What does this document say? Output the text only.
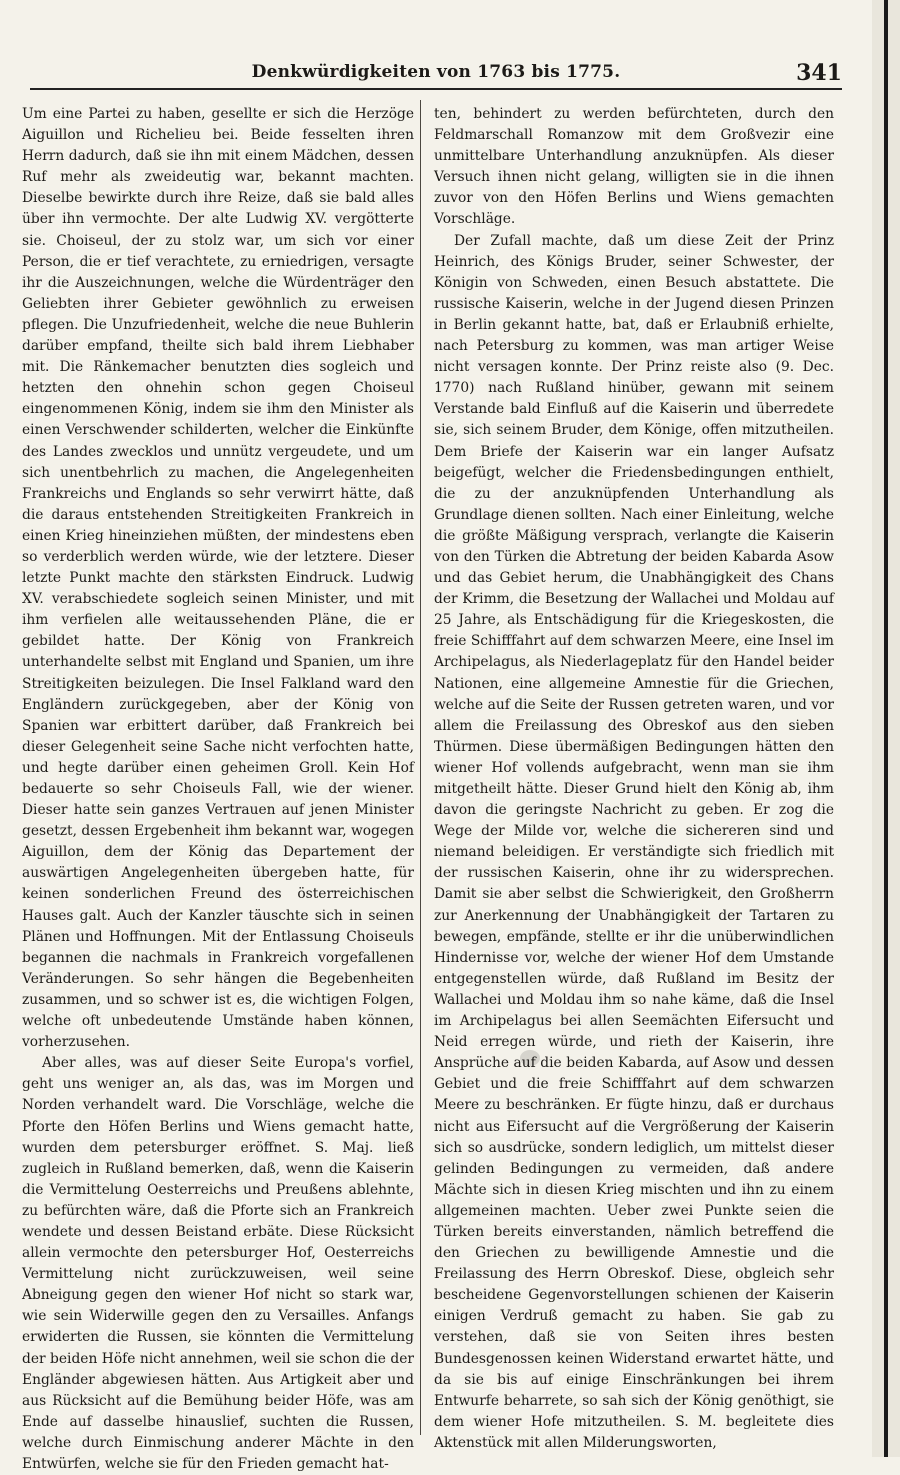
Denkwürdigkeiten von 1763 bis 1775.	341

Um eine Partei zu haben, gesellte er sich die Herzöge Aiguillon und Richelieu bei. Beide fesselten ihren Herrn dadurch, daß sie ihn mit einem Mädchen, dessen Ruf mehr als zweideutig war, bekannt machten. Dieselbe bewirkte durch ihre Reize, daß sie bald alles über ihn vermochte. Der alte Ludwig XV. vergötterte sie. Choiseul, der zu stolz war, um sich vor einer Person, die er tief verachtete, zu erniedrigen, versagte ihr die Auszeichnungen, welche die Würdenträger den Geliebten ihrer Gebieter gewöhnlich zu erweisen pflegen. Die Unzufriedenheit, welche die neue Buhlerin darüber empfand, theilte sich bald ihrem Liebhaber mit. Die Ränkemacher benutzten dies sogleich und hetzten den ohnehin schon gegen Choiseul eingenommenen König, indem sie ihm den Minister als einen Verschwender schilderten, welcher die Einkünfte des Landes zwecklos und unnütz vergeudete, und um sich unentbehrlich zu machen, die Angelegenheiten Frankreichs und Englands so sehr verwirrt hätte, daß die daraus entstehenden Streitigkeiten Frankreich in einen Krieg hineinziehen müßten, der mindestens eben so verderblich werden würde, wie der letztere. Dieser letzte Punkt machte den stärksten Eindruck. Ludwig XV. verabschiedete sogleich seinen Minister, und mit ihm verfielen alle weitaussehenden Pläne, die er gebildet hatte. Der König von Frankreich unterhandelte selbst mit England und Spanien, um ihre Streitigkeiten beizulegen. Die Insel Falkland ward den Engländern zurückgegeben, aber der König von Spanien war erbittert darüber, daß Frankreich bei dieser Gelegenheit seine Sache nicht verfochten hatte, und hegte darüber einen geheimen Groll. Kein Hof bedauerte so sehr Choiseuls Fall, wie der wiener. Dieser hatte sein ganzes Vertrauen auf jenen Minister gesetzt, dessen Ergebenheit ihm bekannt war, wogegen Aiguillon, dem der König das Departement der auswärtigen Angelegenheiten übergeben hatte, für keinen sonderlichen Freund des österreichischen Hauses galt. Auch der Kanzler täuschte sich in seinen Plänen und Hoffnungen. Mit der Entlassung Choiseuls begannen die nachmals in Frankreich vorgefallenen Veränderungen. So sehr hängen die Begebenheiten zusammen, und so schwer ist es, die wichtigen Folgen, welche oft unbedeutende Umstände haben können, vorherzusehen.

Aber alles, was auf dieser Seite Europa's vorfiel, geht uns weniger an, als das, was im Morgen und Norden verhandelt ward. Die Vorschläge, welche die Pforte den Höfen Berlins und Wiens gemacht hatte, wurden dem petersburger eröffnet. S. Maj. ließ zugleich in Rußland bemerken, daß, wenn die Kaiserin die Vermittelung Oesterreichs und Preußens ablehnte, zu befürchten wäre, daß die Pforte sich an Frankreich wendete und dessen Beistand erbäte. Diese Rücksicht allein vermochte den petersburger Hof, Oesterreichs Vermittelung nicht zurückzuweisen, weil seine Abneigung gegen den wiener Hof nicht so stark war, wie sein Widerwille gegen den zu Versailles. Anfangs erwiderten die Russen, sie könnten die Vermittelung der beiden Höfe nicht annehmen, weil sie schon die der Engländer abgewiesen hätten. Aus Artigkeit aber und aus Rücksicht auf die Bemühung beider Höfe, was am Ende auf dasselbe hinauslief, suchten die Russen, welche durch Einmischung anderer Mächte in den Entwürfen, welche sie für den Frieden gemacht hat-

ten, behindert zu werden befürchteten, durch den Feldmarschall Romanzow mit dem Großvezir eine unmittelbare Unterhandlung anzuknüpfen. Als dieser Versuch ihnen nicht gelang, willigten sie in die ihnen zuvor von den Höfen Berlins und Wiens gemachten Vorschläge.

Der Zufall machte, daß um diese Zeit der Prinz Heinrich, des Königs Bruder, seiner Schwester, der Königin von Schweden, einen Besuch abstattete. Die russische Kaiserin, welche in der Jugend diesen Prinzen in Berlin gekannt hatte, bat, daß er Erlaubniß erhielte, nach Petersburg zu kommen, was man artiger Weise nicht versagen konnte. Der Prinz reiste also (9. Dec. 1770) nach Rußland hinüber, gewann mit seinem Verstande bald Einfluß auf die Kaiserin und überredete sie, sich seinem Bruder, dem Könige, offen mitzutheilen. Dem Briefe der Kaiserin war ein langer Aufsatz beigefügt, welcher die Friedensbedingungen enthielt, die zu der anzuknüpfenden Unterhandlung als Grundlage dienen sollten. Nach einer Einleitung, welche die größte Mäßigung versprach, verlangte die Kaiserin von den Türken die Abtretung der beiden Kabarda Asow und das Gebiet herum, die Unabhängigkeit des Chans der Krimm, die Besetzung der Wallachei und Moldau auf 25 Jahre, als Entschädigung für die Kriegeskosten, die freie Schifffahrt auf dem schwarzen Meere, eine Insel im Archipelagus, als Niederlageplatz für den Handel beider Nationen, eine allgemeine Amnestie für die Griechen, welche auf die Seite der Russen getreten waren, und vor allem die Freilassung des Obreskof aus den sieben Thürmen. Diese übermäßigen Bedingungen hätten den wiener Hof vollends aufgebracht, wenn man sie ihm mitgetheilt hätte. Dieser Grund hielt den König ab, ihm davon die geringste Nachricht zu geben. Er zog die Wege der Milde vor, welche die sichereren sind und niemand beleidigen. Er verständigte sich friedlich mit der russischen Kaiserin, ohne ihr zu widersprechen. Damit sie aber selbst die Schwierigkeit, den Großherrn zur Anerkennung der Unabhängigkeit der Tartaren zu bewegen, empfände, stellte er ihr die unüberwindlichen Hindernisse vor, welche der wiener Hof dem Umstande entgegenstellen würde, daß Rußland im Besitz der Wallachei und Moldau ihm so nahe käme, daß die Insel im Archipelagus bei allen Seemächten Eifersucht und Neid erregen würde, und rieth der Kaiserin, ihre Ansprüche auf die beiden Kabarda, auf Asow und dessen Gebiet und die freie Schifffahrt auf dem schwarzen Meere zu beschränken. Er fügte hinzu, daß er durchaus nicht aus Eifersucht auf die Vergrößerung der Kaiserin sich so ausdrücke, sondern lediglich, um mittelst dieser gelinden Bedingungen zu vermeiden, daß andere Mächte sich in diesen Krieg mischten und ihn zu einem allgemeinen machten. Ueber zwei Punkte seien die Türken bereits einverstanden, nämlich betreffend die den Griechen zu bewilligende Amnestie und die Freilassung des Herrn Obreskof. Diese, obgleich sehr bescheidene Gegenvorstellungen schienen der Kaiserin einigen Verdruß gemacht zu haben. Sie gab zu verstehen, daß sie von Seiten ihres besten Bundesgenossen keinen Widerstand erwartet hätte, und da sie bis auf einige Einschränkungen bei ihrem Entwurfe beharrete, so sah sich der König genöthigt, sie dem wiener Hofe mitzutheilen. S. M. begleitete dies Aktenstück mit allen Milderungsworten,
